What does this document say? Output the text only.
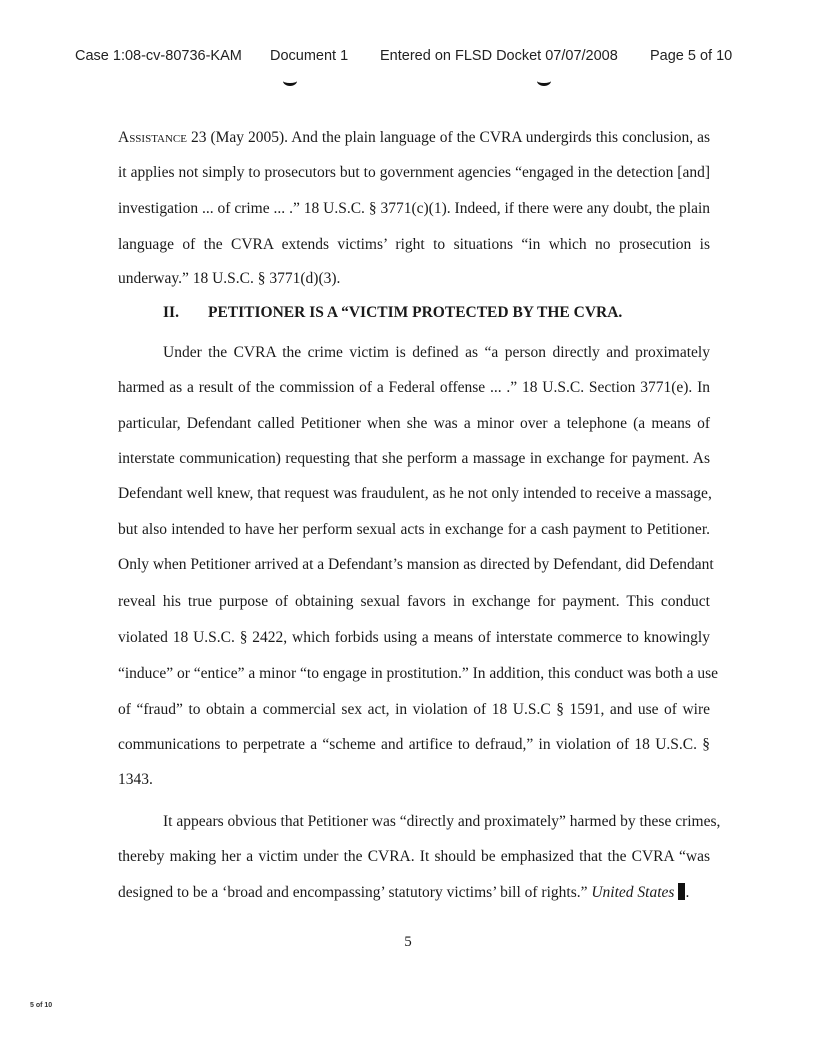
Case 1:08-cv-80736-KAM Document 1 Entered on FLSD Docket 07/07/2008 Page 5 of 10
Assistance 23 (May 2005). And the plain language of the CVRA undergirds this conclusion, as
it applies not simply to prosecutors but to government agencies “engaged in the detection [and]
investigation ... of crime ... .” 18 U.S.C. § 3771(c)(1). Indeed, if there were any doubt, the plain
language of the CVRA extends victims’ right to situations “in which no prosecution is
underway.” 18 U.S.C. § 3771(d)(3).
II. PETITIONER IS A “VICTIM PROTECTED BY THE CVRA.
Under the CVRA the crime victim is defined as “a person directly and proximately
harmed as a result of the commission of a Federal offense ... .” 18 U.S.C. Section 3771(e). In
particular, Defendant called Petitioner when she was a minor over a telephone (a means of
interstate communication) requesting that she perform a massage in exchange for payment. As
Defendant well knew, that request was fraudulent, as he not only intended to receive a massage,
but also intended to have her perform sexual acts in exchange for a cash payment to Petitioner.
Only when Petitioner arrived at a Defendant’s mansion as directed by Defendant, did Defendant
reveal his true purpose of obtaining sexual favors in exchange for payment. This conduct
violated 18 U.S.C. § 2422, which forbids using a means of interstate commerce to knowingly
“induce” or “entice” a minor “to engage in prostitution.” In addition, this conduct was both a use
of “fraud” to obtain a commercial sex act, in violation of 18 U.S.C § 1591, and use of wire
communications to perpetrate a “scheme and artifice to defraud,” in violation of 18 U.S.C. §
1343.
It appears obvious that Petitioner was “directly and proximately” harmed by these crimes,
thereby making her a victim under the CVRA. It should be emphasized that the CVRA “was
designed to be a ‘broad and encompassing’ statutory victims’ bill of rights.” United States .
5
5 of 10
